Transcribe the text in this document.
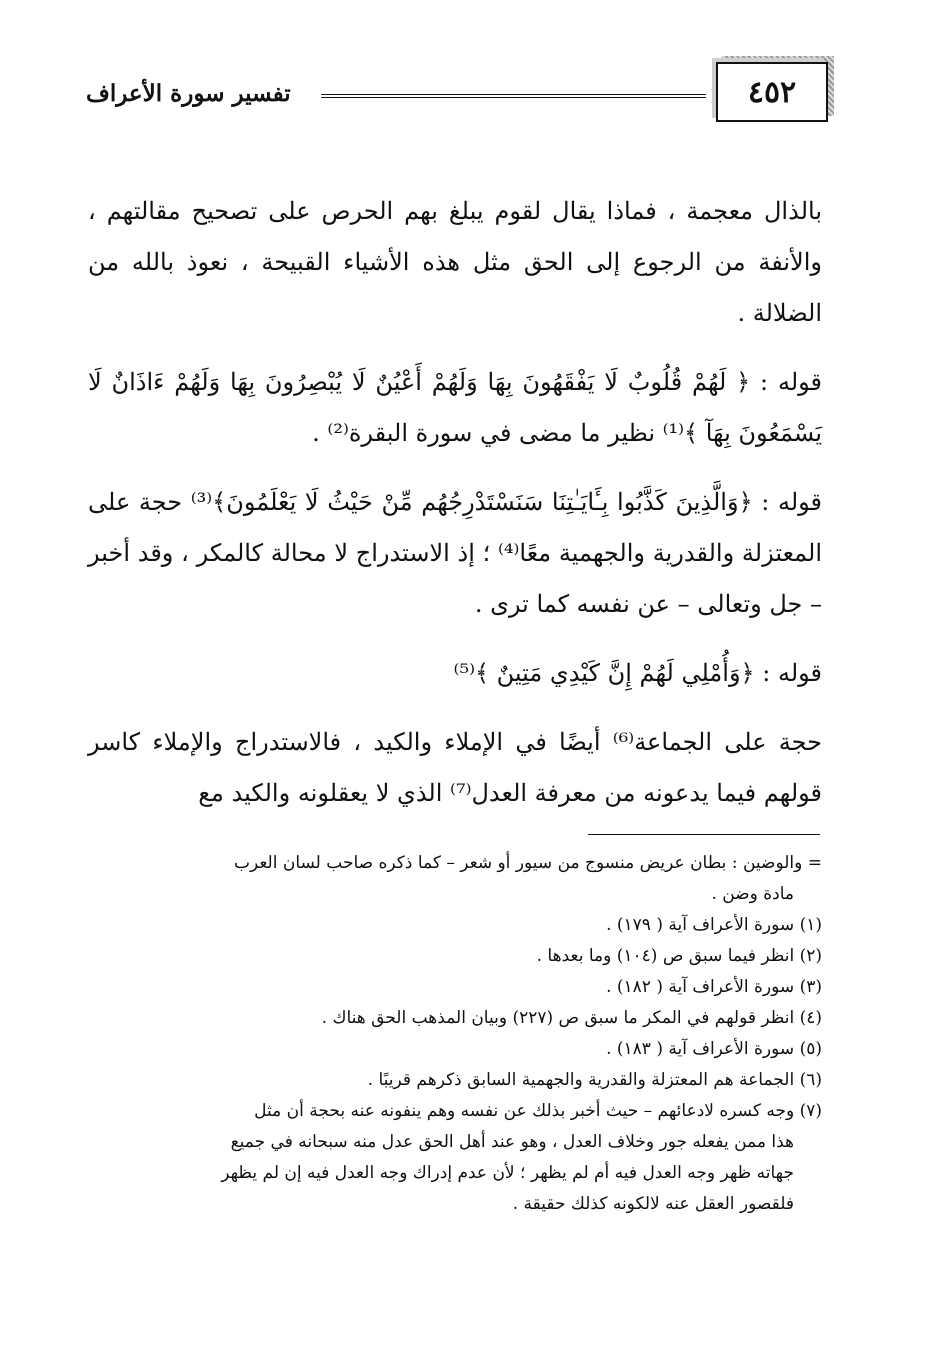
٤٥٢
تفسير سورة الأعراف

بالذال معجمة ، فماذا يقال لقوم يبلغ بهم الحرص على تصحيح مقالتهم ، والأنفة من الرجوع إلى الحق مثل هذه الأشياء القبيحة ، نعوذ بالله من الضلالة .

قوله : ﴿ لَهُمْ قُلُوبٌ لَا يَفْقَهُونَ بِهَا وَلَهُمْ أَعْيُنٌ لَا يُبْصِرُونَ بِهَا وَلَهُمْ ءَاذَانٌ لَا يَسْمَعُونَ بِهَآ ﴾⁽¹⁾ نظير ما مضى في سورة البقرة⁽²⁾ .

قوله : ﴿وَالَّذِينَ كَذَّبُوا بِـَٔايَـٰتِنَا سَنَسْتَدْرِجُهُم مِّنْ حَيْثُ لَا يَعْلَمُونَ﴾⁽³⁾ حجة على المعتزلة والقدرية والجهمية معًا⁽⁴⁾ ؛ إذ الاستدراج لا محالة كالمكر ، وقد أخبر – جل وتعالى – عن نفسه كما ترى .

قوله : ﴿وَأُمْلِي لَهُمْ إِنَّ كَيْدِي مَتِينٌ ﴾⁽⁵⁾

حجة على الجماعة⁽⁶⁾ أيضًا في الإملاء والكيد ، فالاستدراج والإملاء كاسر قولهم فيما يدعونه من معرفة العدل⁽⁷⁾ الذي لا يعقلونه والكيد مع

= والوضين : بطان عريض منسوج من سيور أو شعر – كما ذكره صاحب لسان العرب

مادة وضن .

(١) سورة الأعراف آية ( ١٧٩) .

(٢) انظر فيما سبق ص (١٠٤) وما بعدها .

(٣) سورة الأعراف آية ( ١٨٢) .

(٤) انظر قولهم في المكر ما سبق ص (٢٢٧) وبيان المذهب الحق هناك .

(٥) سورة الأعراف آية ( ١٨٣) .

(٦) الجماعة هم المعتزلة والقدرية والجهمية السابق ذكرهم قريبًا .

(٧) وجه كسره لادعائهم – حيث أخبر بذلك عن نفسه وهم ينفونه عنه بحجة أن مثل

هذا ممن يفعله جور وخلاف العدل ، وهو عند أهل الحق عدل منه سبحانه في جميع

جهاته ظهر وجه العدل فيه أم لم يظهر ؛ لأن عدم إدراك وجه العدل فيه إن لم يظهر

فلقصور العقل عنه لالكونه كذلك حقيقة .
